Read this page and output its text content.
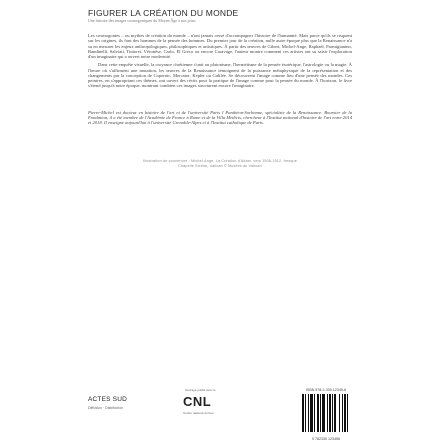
FIGURER LA CRÉATION DU MONDE

Une histoire des images cosmogoniques du Moyen Âge à nos jours

Les cosmogonies – ou mythes de création du monde – n'ont jamais cessé d'accompagner l'histoire de l'humanité. Mais parce qu'ils se risquent sur les origines, ils font des hommes de la pensée des hommes. Du premier jour de la création, nulle autre époque plus que la Renaissance n'a su en mesurer les enjeux anthropologiques, philosophiques et artistiques. À partir des œuvres de Gibert, Michel-Ange, Raphaël, Parmigianino, Bandinelli, Salviati, Tintoret, Véronèse, Carlo, El Greco ou encore Caravage, l'auteur montre comment ces artistes ont su saisir l'exploration d'un imaginaire qui a ouvert notre modernité.

Dans cette enquête visuelle, la croyance chrétienne s'unit au platonisme, l'hermétisme de la pensée ésotérique, l'astrologie ou la magie. À l'heure où s'affirment une mutation, les œuvres de la Renaissance témoignent de la puissance métaphysique de la représentation et des changements par la conception de Copernic, Mercator, Kepler ou Galilée. Se découvrent l'image comme lieu d'une pensée des mondes. Ces peintres, en s'appropriant ces thèmes, ont ouvert des récits pour la pratique de l'image comme pour la pensée du monde. À l'horizon, le livre s'étend jusqu'à notre époque, montrant combien ces images structurent encore l'imaginaire.

Pierre-Michel est docteur en histoire de l'art et de l'université Paris I Panthéon-Sorbonne, spécialiste de la Renaissance. Boursier de la Fondation, il a été membre de l'Académie de France à Rome et de la Villa Médicis, chercheur à l'Institut national d'histoire de l'art entre 2014 et 2018. Il enseigne aujourd'hui à l'université Grenoble-Alpes et à l'Institut catholique de Paris.

Illustration de couverture : Michel-Ange, La Création d'Adam, vers 1508-1512, fresque

Chapelle Sixtine, Vatican © Musées du Vatican

ACTES SUD
Diffusion · Distribution
Ouvrage publié avec le
CNL
Centre national du livre
ISBN 978-2-330-12345-6
9 782330 123456
